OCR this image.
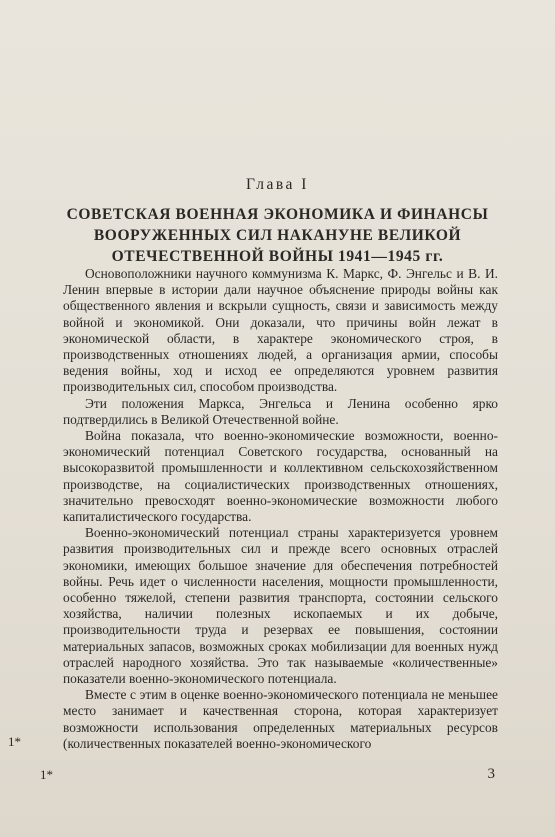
Глава I
СОВЕТСКАЯ ВОЕННАЯ ЭКОНОМИКА И ФИНАНСЫ
ВООРУЖЕННЫХ СИЛ НАКАНУНЕ ВЕЛИКОЙ
ОТЕЧЕСТВЕННОЙ ВОЙНЫ 1941—1945 гг.

Основоположники научного коммунизма К. Маркс, Ф. Энгельс и В. И. Ленин впервые в истории дали научное объяснение природы войны как общественного явления и вскрыли сущность, связи и зависимость между войной и экономикой. Они доказали, что причины войн лежат в экономической области, в характере экономического строя, в производственных отношениях людей, а организация армии, способы ведения войны, ход и исход ее определяются уровнем развития производительных сил, способом производства.

Эти положения Маркса, Энгельса и Ленина особенно ярко подтвердились в Великой Отечественной войне.

Война показала, что военно-экономические возможности, военно-экономический потенциал Советского государства, основанный на высокоразвитой промышленности и коллективном сельскохозяйственном производстве, на социалистических производственных отношениях, значительно превосходят военно-экономические возможности любого капиталистического государства.

Военно-экономический потенциал страны характеризуется уровнем развития производительных сил и прежде всего основных отраслей экономики, имеющих большое значение для обеспечения потребностей войны. Речь идет о численности населения, мощности промышленности, особенно тяжелой, степени развития транспорта, состоянии сельского хозяйства, наличии полезных ископаемых и их добыче, производительности труда и резервах ее повышения, состоянии материальных запасов, возможных сроках мобилизации для военных нужд отраслей народного хозяйства. Это так называемые «количественные» показатели военно-экономического потенциала.

Вместе с этим в оценке военно-экономического потенциала не меньшее место занимает и качественная сторона, которая характеризует возможности использования определенных материальных ресурсов (количественных показателей военно-экономического

1*
1*	3
